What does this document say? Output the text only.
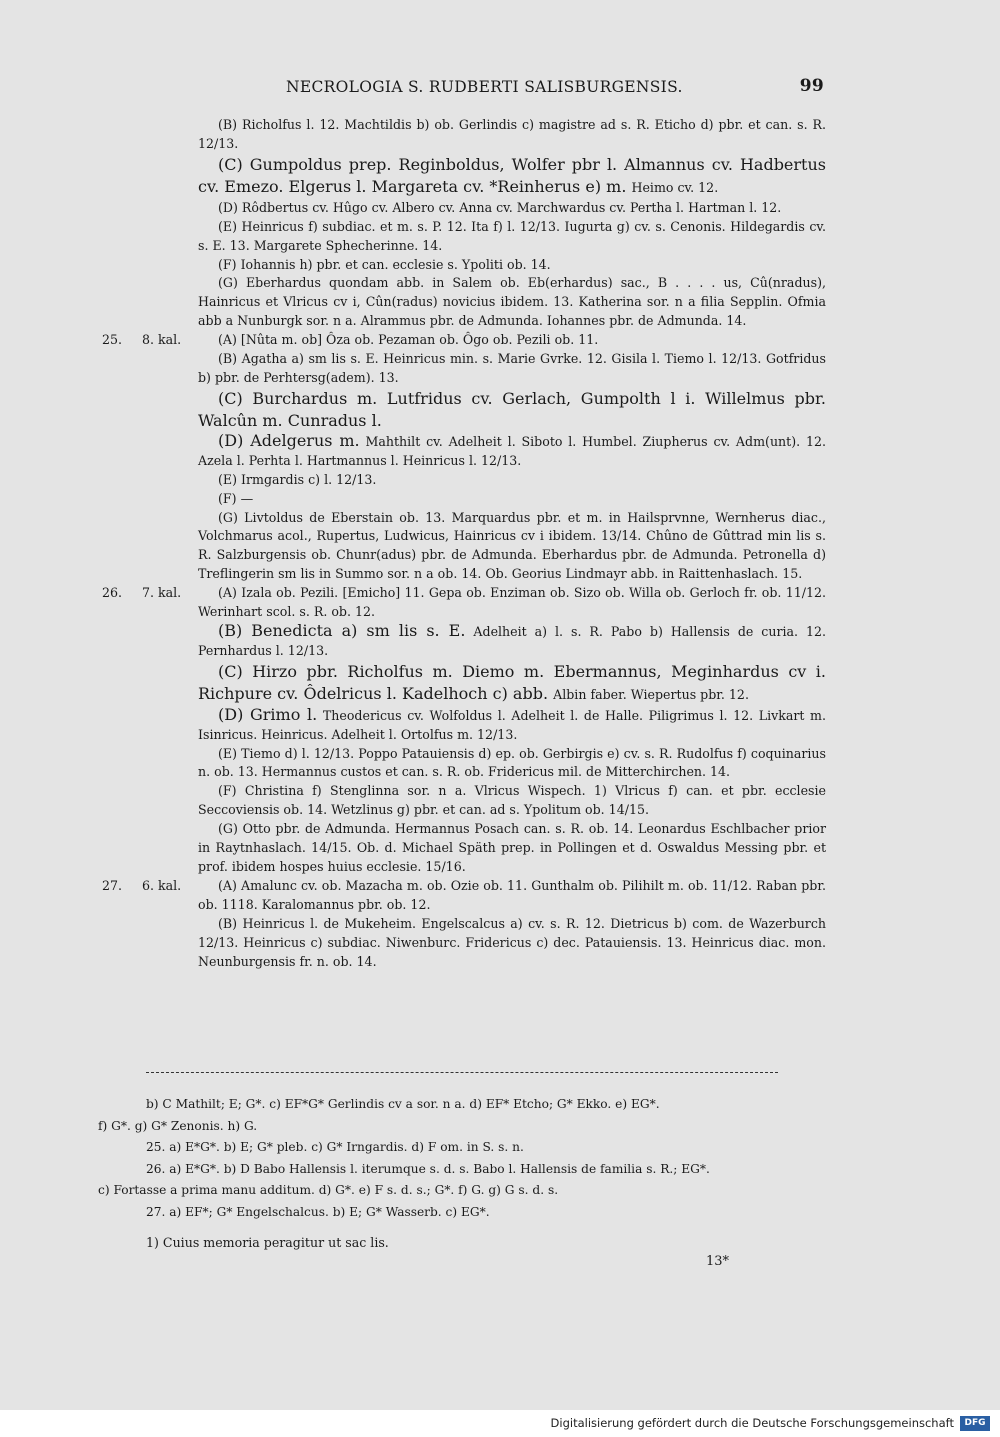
NECROLOGIA S. RUDBERTI SALISBURGENSIS.	99

(B) Richolfus l. 12. Machtildis b) ob. Gerlindis c) magistre ad s. R. Eticho d) pbr. et can. s. R. 12/13.

(C) Gumpoldus prep. Reginboldus, Wolfer pbr l. Almannus cv. Hadbertus cv. Emezo. Elgerus l. Margareta cv. *Reinherus e) m. Heimo cv. 12.

(D) Rôdbertus cv. Hûgo cv. Albero cv. Anna cv. Marchwardus cv. Pertha l. Hartman l. 12.

(E) Heinricus f) subdiac. et m. s. P. 12. Ita f) l. 12/13. Iugurta g) cv. s. Cenonis. Hildegardis cv. s. E. 13. Margarete Sphecherinne. 14.

(F) Iohannis h) pbr. et can. ecclesie s. Ypoliti ob. 14.

(G) Eberhardus quondam abb. in Salem ob. Eb(erhardus) sac., B . . . . us, Cû(nradus), Hainricus et Vlricus cv i, Cûn(radus) novicius ibidem. 13. Katherina sor. n a filia Sepplin. Ofmia abb a Nunburgk sor. n a. Alrammus pbr. de Admunda. Iohannes pbr. de Admunda. 14.

25. 8. kal.	(A) [Nûta m. ob] Ôza ob. Pezaman ob. Ôgo ob. Pezili ob. 11.

(B) Agatha a) sm lis s. E. Heinricus min. s. Marie Gvrke. 12. Gisila l. Tiemo l. 12/13. Gotfridus b) pbr. de Perhtersg(adem). 13.

(C) Burchardus m. Lutfridus cv. Gerlach, Gumpolth l i. Willelmus pbr. Walcûn m. Cunradus l.

(D) Adelgerus m. Mahthilt cv. Adelheit l. Siboto l. Humbel. Ziupherus cv. Adm(unt). 12. Azela l. Perhta l. Hartmannus l. Heinricus l. 12/13.

(E) Irmgardis c) l. 12/13.

(F) —

(G) Livtoldus de Eberstain ob. 13. Marquardus pbr. et m. in Hailsprvnne, Wernherus diac., Volchmarus acol., Rupertus, Ludwicus, Hainricus cv i ibidem. 13/14. Chûno de Gûttrad min lis s. R. Salzburgensis ob. Chunr(adus) pbr. de Admunda. Eberhardus pbr. de Admunda. Petronella d) Treflingerin sm lis in Summo sor. n a ob. 14. Ob. Georius Lindmayr abb. in Raittenhaslach. 15.

26. 7. kal.	(A) Izala ob. Pezili. [Emicho] 11. Gepa ob. Enziman ob. Sizo ob. Willa ob. Gerloch fr. ob. 11/12. Werinhart scol. s. R. ob. 12.

(B) Benedicta a) sm lis s. E. Adelheit a) l. s. R. Pabo b) Hallensis de curia. 12. Pernhardus l. 12/13.

(C) Hirzo pbr. Richolfus m. Diemo m. Ebermannus, Meginhardus cv i. Richpure cv. Ôdelricus l. Kadelhoch c) abb. Albin faber. Wiepertus pbr. 12.

(D) Grimo l. Theodericus cv. Wolfoldus l. Adelheit l. de Halle. Piligrimus l. 12. Livkart m. Isinricus. Heinricus. Adelheit l. Ortolfus m. 12/13.

(E) Tiemo d) l. 12/13. Poppo Patauiensis d) ep. ob. Gerbirgis e) cv. s. R. Rudolfus f) coquinarius n. ob. 13. Hermannus custos et can. s. R. ob. Fridericus mil. de Mitterchirchen. 14.

(F) Christina f) Stenglinna sor. n a. Vlricus Wispech. 1) Vlricus f) can. et pbr. ecclesie Seccoviensis ob. 14. Wetzlinus g) pbr. et can. ad s. Ypolitum ob. 14/15.

(G) Otto pbr. de Admunda. Hermannus Posach can. s. R. ob. 14. Leonardus Eschlbacher prior in Raytnhaslach. 14/15. Ob. d. Michael Späth prep. in Pollingen et d. Oswaldus Messing pbr. et prof. ibidem hospes huius ecclesie. 15/16.

27. 6. kal.	(A) Amalunc cv. ob. Mazacha m. ob. Ozie ob. 11. Gunthalm ob. Pilihilt m. ob. 11/12. Raban pbr. ob. 1118. Karalomannus pbr. ob. 12.

(B) Heinricus l. de Mukeheim. Engelscalcus a) cv. s. R. 12. Dietricus b) com. de Wazerburch 12/13. Heinricus c) subdiac. Niwenburc. Fridericus c) dec. Patauiensis. 13. Heinricus diac. mon. Neunburgensis fr. n. ob. 14.

b) C Mathilt; E; G*. c) EF*G* Gerlindis cv a sor. n a. d) EF* Etcho; G* Ekko. e) EG*.

f) G*. g) G* Zenonis. h) G.

25. a) E*G*. b) E; G* pleb. c) G* Irngardis. d) F om. in S. s. n.

26. a) E*G*. b) D Babo Hallensis l. iterumque s. d. s. Babo l. Hallensis de familia s. R.; EG*.

c) Fortasse a prima manu additum. d) G*. e) F s. d. s.; G*. f) G. g) G s. d. s.

27. a) EF*; G* Engelschalcus. b) E; G* Wasserb. c) EG*.

1) Cuius memoria peragitur ut sac lis.
13*
Digitalisierung gefördert durch die Deutsche Forschungsgemeinschaft	DFG
